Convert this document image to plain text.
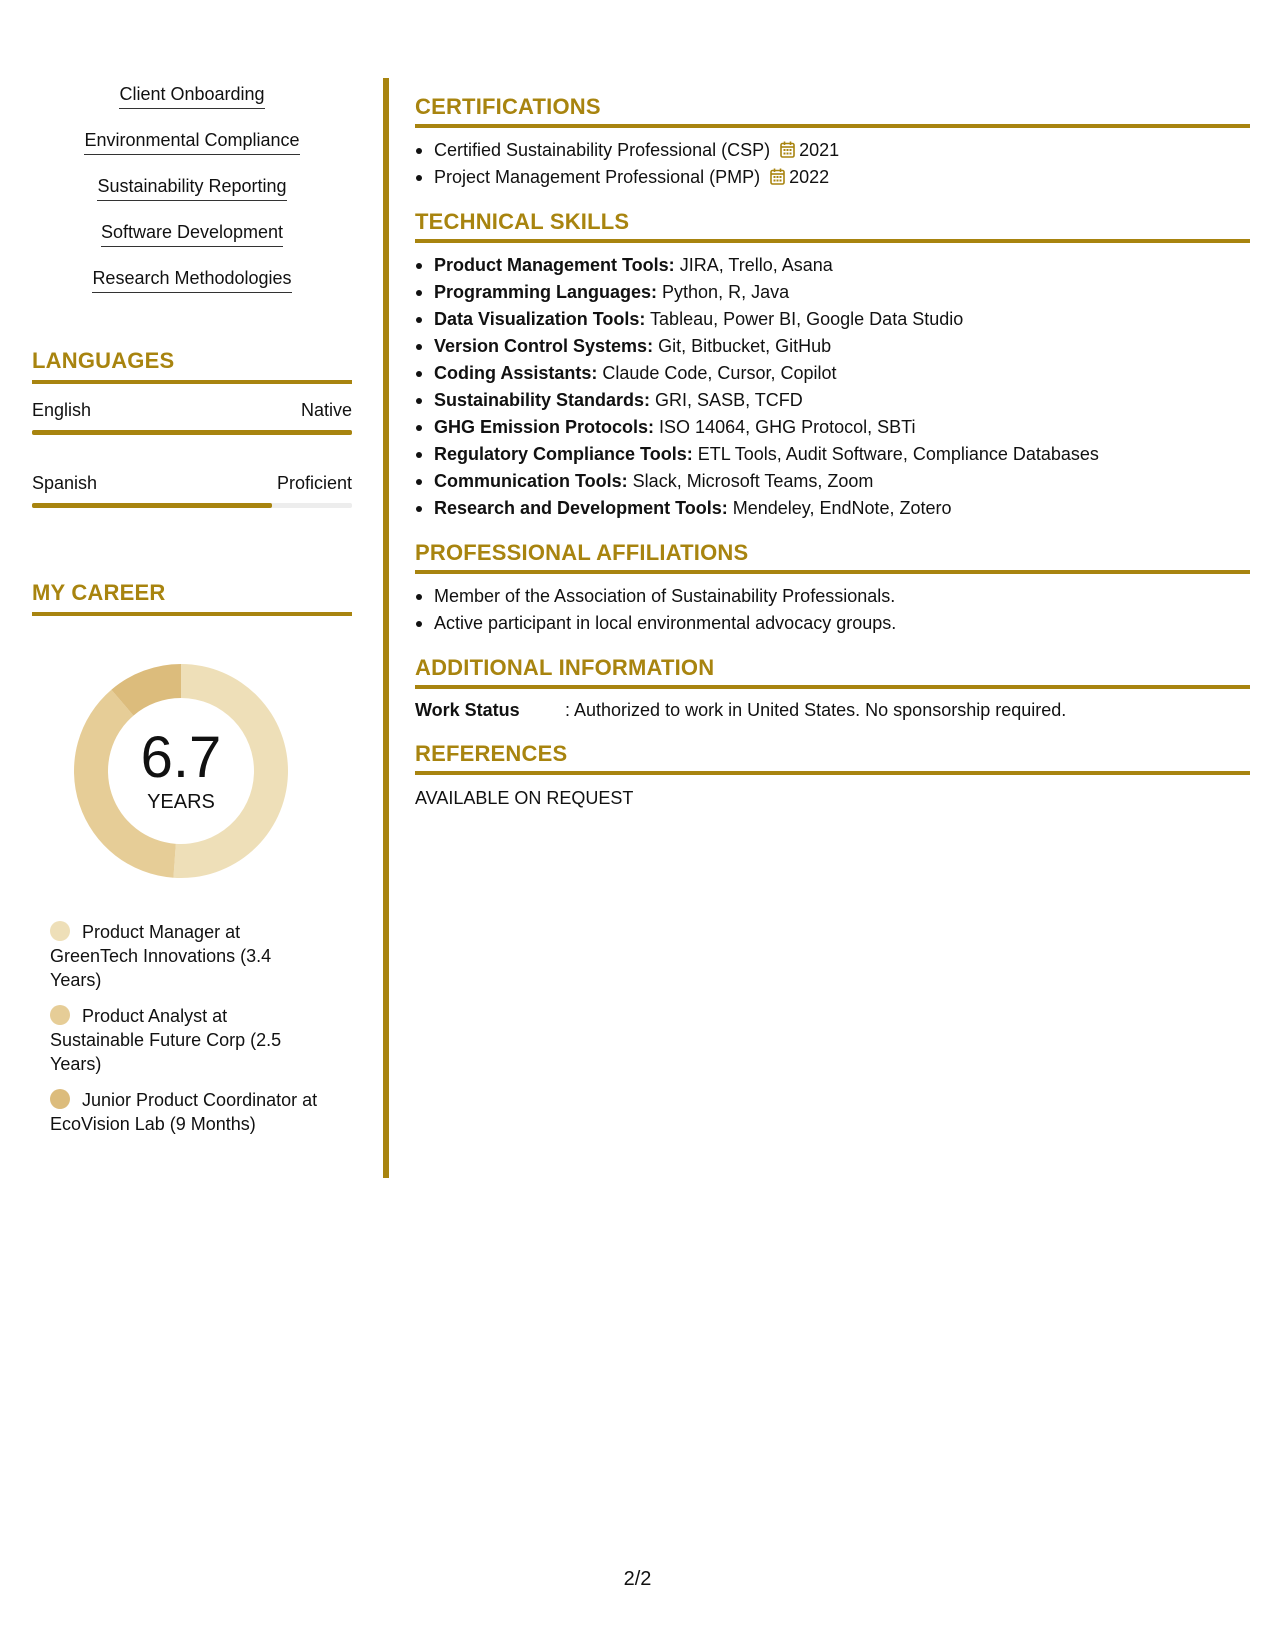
Client Onboarding
Environmental Compliance
Sustainability Reporting
Software Development
Research Methodologies
LANGUAGES
English	Native
Spanish	Proficient
MY CAREER
6.7
YEARS
Product Manager at GreenTech Innovations (3.4 Years)
Product Analyst at Sustainable Future Corp (2.5 Years)
Junior Product Coordinator at EcoVision Lab (9 Months)
CERTIFICATIONS
Certified Sustainability Professional (CSP) 2021
Project Management Professional (PMP) 2022
TECHNICAL SKILLS
Product Management Tools: JIRA, Trello, Asana
Programming Languages: Python, R, Java
Data Visualization Tools: Tableau, Power BI, Google Data Studio
Version Control Systems: Git, Bitbucket, GitHub
Coding Assistants: Claude Code, Cursor, Copilot
Sustainability Standards: GRI, SASB, TCFD
GHG Emission Protocols: ISO 14064, GHG Protocol, SBTi
Regulatory Compliance Tools: ETL Tools, Audit Software, Compliance Databases
Communication Tools: Slack, Microsoft Teams, Zoom
Research and Development Tools: Mendeley, EndNote, Zotero
PROFESSIONAL AFFILIATIONS
Member of the Association of Sustainability Professionals.
Active participant in local environmental advocacy groups.
ADDITIONAL INFORMATION
Work Status	: Authorized to work in United States. No sponsorship required.
REFERENCES
AVAILABLE ON REQUEST
2/2
